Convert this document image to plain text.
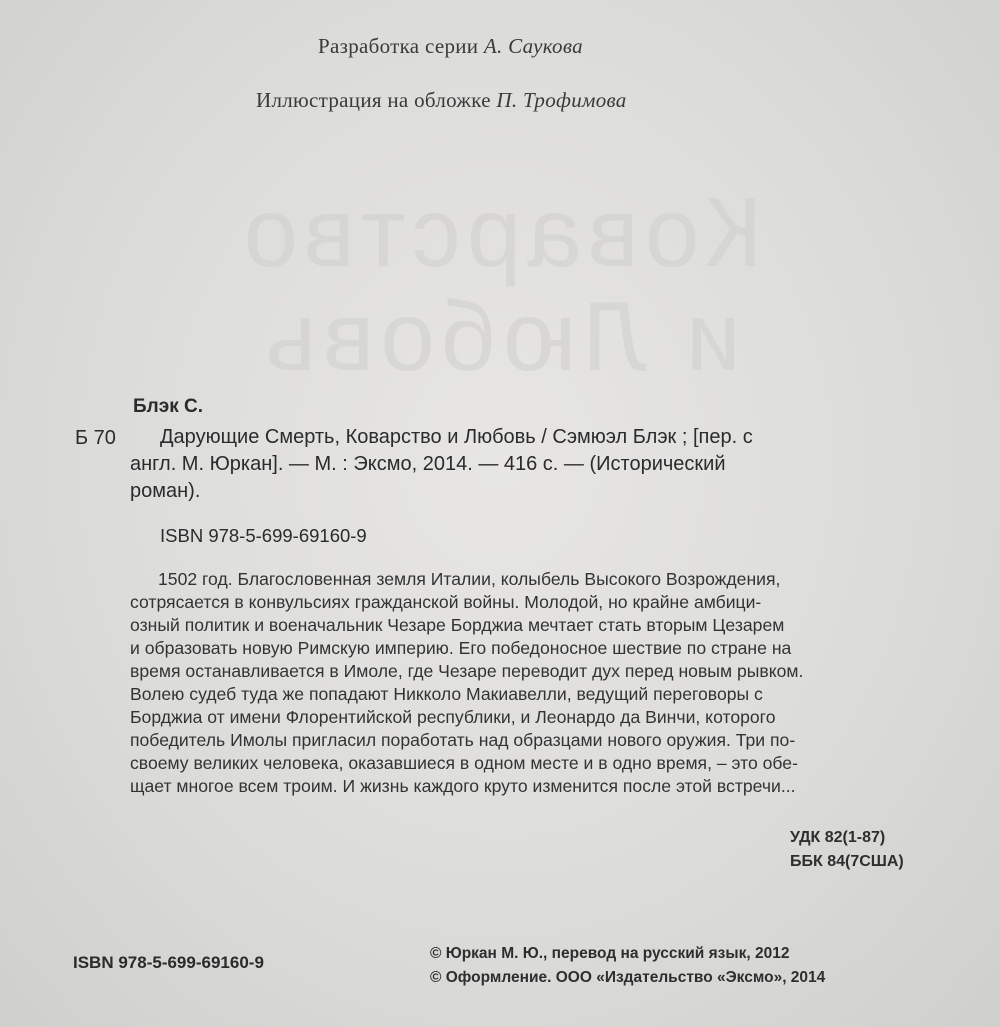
Коварство
и Любовь
Разработка серии А. Саукова
Иллюстрация на обложке П. Трофимова
Блэк С.
Б 70 Дарующие Смерть, Коварство и Любовь / Сэмюэл Блэк ; [пер. с
англ. М. Юркан]. — М. : Эксмо, 2014. — 416 с. — (Исторический
роман).
ISBN 978-5-699-69160-9
1502 год. Благословенная земля Италии, колыбель Высокого Возрождения,
сотрясается в конвульсиях гражданской войны. Молодой, но крайне амбици-
озный политик и военачальник Чезаре Борджиа мечтает стать вторым Цезарем
и образовать новую Римскую империю. Его победоносное шествие по стране на
время останавливается в Имоле, где Чезаре переводит дух перед новым рывком.
Волею судеб туда же попадают Никколо Макиавелли, ведущий переговоры с
Борджиа от имени Флорентийской республики, и Леонардо да Винчи, которого
победитель Имолы пригласил поработать над образцами нового оружия. Три по-
своему великих человека, оказавшиеся в одном месте и в одно время, – это обе-
щает многое всем троим. И жизнь каждого круто изменится после этой встречи...
УДК 82(1-87)
ББК 84(7США)
ISBN 978-5-699-69160-9	© Юркан М. Ю., перевод на русский язык, 2012
© Оформление. ООО «Издательство «Эксмо», 2014
